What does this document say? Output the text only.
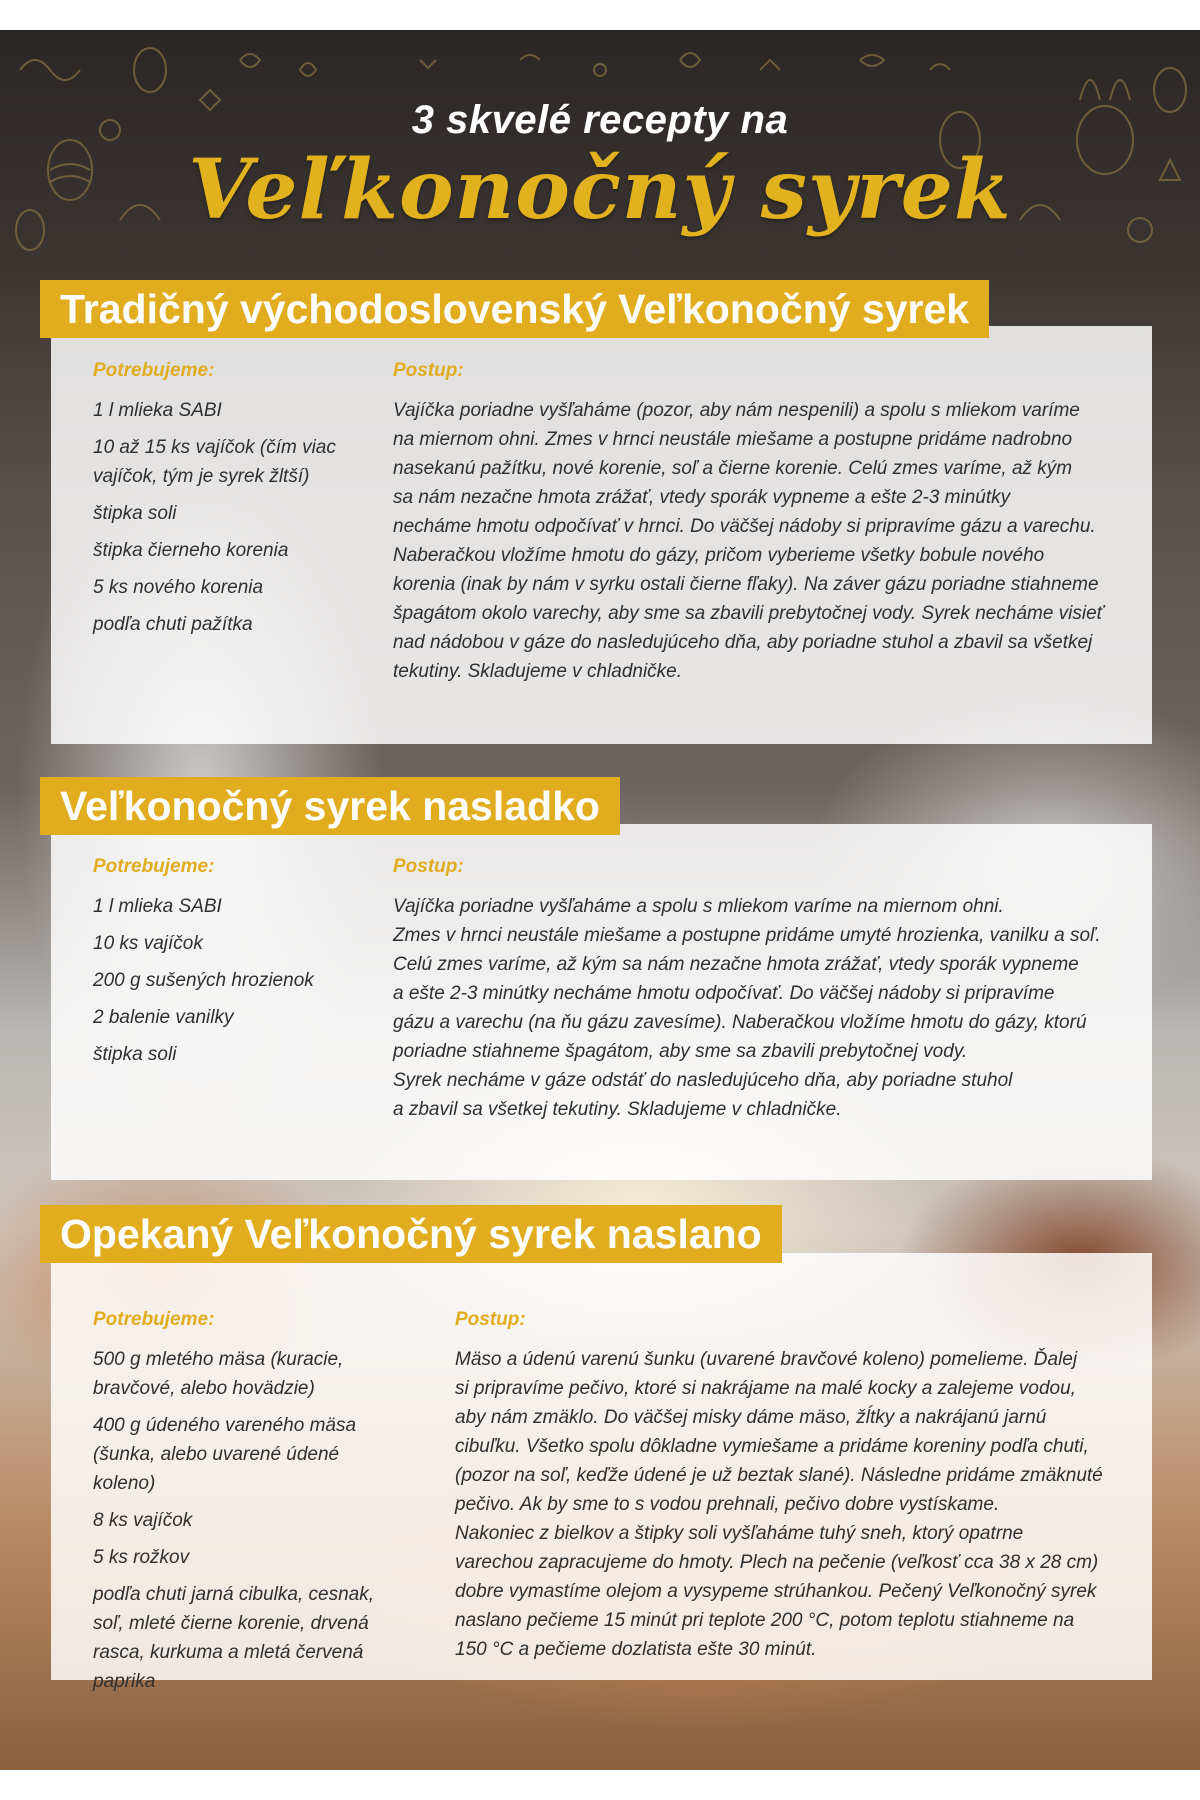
3 skvelé recepty na
Veľkonočný syrek
Potrebujeme:
1 l mlieka SABI
10 až 15 ks vajíčok (čím viac vajíčok, tým je syrek žltší)
štipka soli
štipka čierneho korenia
5 ks nového korenia
podľa chuti pažítka
Postup:
Vajíčka poriadne vyšľaháme (pozor, aby nám nespenili) a spolu s mliekom varíme
na miernom ohni. Zmes v hrnci neustále miešame a postupne pridáme nadrobno
nasekanú pažítku, nové korenie, soľ a čierne korenie. Celú zmes varíme, až kým
sa nám nezačne hmota zrážať, vtedy sporák vypneme a ešte 2-3 minútky
necháme hmotu odpočívať v hrnci. Do väčšej nádoby si pripravíme gázu a varechu.
Naberačkou vložíme hmotu do gázy, pričom vyberieme všetky bobule nového
korenia (inak by nám v syrku ostali čierne fľaky). Na záver gázu poriadne stiahneme
špagátom okolo varechy, aby sme sa zbavili prebytočnej vody. Syrek necháme visieť
nad nádobou v gáze do nasledujúceho dňa, aby poriadne stuhol a zbavil sa všetkej
tekutiny. Skladujeme v chladničke.
Tradičný východoslovenský Veľkonočný syrek
Potrebujeme:
1 l mlieka SABI
10 ks vajíčok
200 g sušených hrozienok
2 balenie vanilky
štipka soli
Postup:
Vajíčka poriadne vyšľaháme a spolu s mliekom varíme na miernom ohni.
Zmes v hrnci neustále miešame a postupne pridáme umyté hrozienka, vanilku a soľ.
Celú zmes varíme, až kým sa nám nezačne hmota zrážať, vtedy sporák vypneme
a ešte 2-3 minútky necháme hmotu odpočívať. Do väčšej nádoby si pripravíme
gázu a varechu (na ňu gázu zavesíme). Naberačkou vložíme hmotu do gázy, ktorú
poriadne stiahneme špagátom, aby sme sa zbavili prebytočnej vody.
Syrek necháme v gáze odstáť do nasledujúceho dňa, aby poriadne stuhol
a zbavil sa všetkej tekutiny. Skladujeme v chladničke.
Veľkonočný syrek nasladko
Potrebujeme:
500 g mletého mäsa (kuracie, bravčové, alebo hovädzie)
400 g údeného vareného mäsa (šunka, alebo uvarené údené koleno)
8 ks vajíčok
5 ks rožkov
podľa chuti jarná cibulka, cesnak, soľ, mleté čierne korenie, drvená rasca, kurkuma a mletá červená paprika
Postup:
Mäso a údenú varenú šunku (uvarené bravčové koleno) pomelieme. Ďalej
si pripravíme pečivo, ktoré si nakrájame na malé kocky a zalejeme vodou,
aby nám zmäklo. Do väčšej misky dáme mäso, žĺtky a nakrájanú jarnú
cibuľku. Všetko spolu dôkladne vymiešame a pridáme koreniny podľa chuti,
(pozor na soľ, keďže údené je už beztak slané). Následne pridáme zmäknuté
pečivo. Ak by sme to s vodou prehnali, pečivo dobre vystískame.
Nakoniec z bielkov a štipky soli vyšľaháme tuhý sneh, ktorý opatrne
varechou zapracujeme do hmoty. Plech na pečenie (veľkosť cca 38 x 28 cm)
dobre vymastíme olejom a vysypeme strúhankou. Pečený Veľkonočný syrek
naslano pečieme 15 minút pri teplote 200 °C, potom teplotu stiahneme na
150 °C a pečieme dozlatista ešte 30 minút.
Opekaný Veľkonočný syrek naslano
